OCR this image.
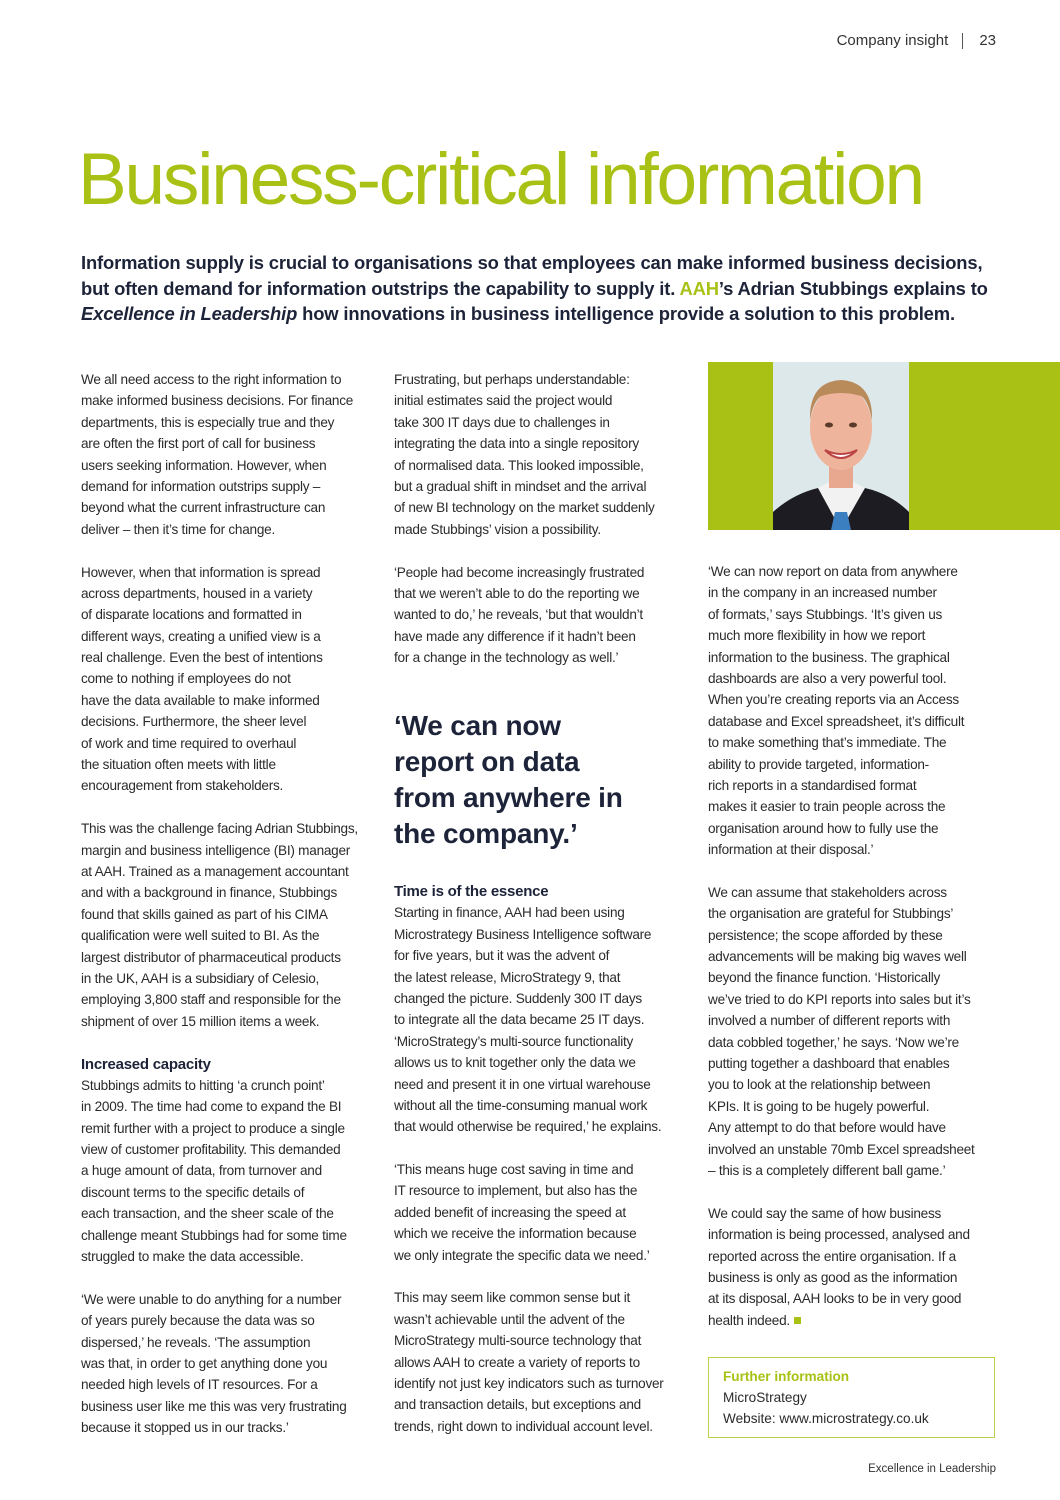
Company insight 23
Business-critical information
Information supply is crucial to organisations so that employees can make informed business decisions, but often demand for information outstrips the capability to supply it. AAH’s Adrian Stubbings explains to Excellence in Leadership how innovations in business intelligence provide a solution to this problem.
We all need access to the right information to
make informed business decisions. For finance
departments, this is especially true and they
are often the first port of call for business
users seeking information. However, when
demand for information outstrips supply –
beyond what the current infrastructure can
deliver – then it’s time for change.
However, when that information is spread
across departments, housed in a variety
of disparate locations and formatted in
different ways, creating a unified view is a
real challenge. Even the best of intentions
come to nothing if employees do not
have the data available to make informed
decisions. Furthermore, the sheer level
of work and time required to overhaul
the situation often meets with little
encouragement from stakeholders.
This was the challenge facing Adrian Stubbings,
margin and business intelligence (BI) manager
at AAH. Trained as a management accountant
and with a background in finance, Stubbings
found that skills gained as part of his CIMA
qualification were well suited to BI. As the
largest distributor of pharmaceutical products
in the UK, AAH is a subsidiary of Celesio,
employing 3,800 staff and responsible for the
shipment of over 15 million items a week.
Increased capacity
Stubbings admits to hitting ‘a crunch point’
in 2009. The time had come to expand the BI
remit further with a project to produce a single
view of customer profitability. This demanded
a huge amount of data, from turnover and
discount terms to the specific details of
each transaction, and the sheer scale of the
challenge meant Stubbings had for some time
struggled to make the data accessible.
‘We were unable to do anything for a number
of years purely because the data was so
dispersed,’ he reveals. ‘The assumption
was that, in order to get anything done you
needed high levels of IT resources. For a
business user like me this was very frustrating
because it stopped us in our tracks.’
Frustrating, but perhaps understandable:
initial estimates said the project would
take 300 IT days due to challenges in
integrating the data into a single repository
of normalised data. This looked impossible,
but a gradual shift in mindset and the arrival
of new BI technology on the market suddenly
made Stubbings’ vision a possibility.
‘People had become increasingly frustrated
that we weren’t able to do the reporting we
wanted to do,’ he reveals, ‘but that wouldn’t
have made any difference if it hadn’t been
for a change in the technology as well.’
‘We can now
report on data
from anywhere in
the company.’
Time is of the essence
Starting in finance, AAH had been using
Microstrategy Business Intelligence software
for five years, but it was the advent of
the latest release, MicroStrategy 9, that
changed the picture. Suddenly 300 IT days
to integrate all the data became 25 IT days.
‘MicroStrategy’s multi-source functionality
allows us to knit together only the data we
need and present it in one virtual warehouse
without all the time-consuming manual work
that would otherwise be required,’ he explains.
‘This means huge cost saving in time and
IT resource to implement, but also has the
added benefit of increasing the speed at
which we receive the information because
we only integrate the specific data we need.’
This may seem like common sense but it
wasn’t achievable until the advent of the
MicroStrategy multi-source technology that
allows AAH to create a variety of reports to
identify not just key indicators such as turnover
and transaction details, but exceptions and
trends, right down to individual account level.
‘We can now report on data from anywhere
in the company in an increased number
of formats,’ says Stubbings. ‘It’s given us
much more flexibility in how we report
information to the business. The graphical
dashboards are also a very powerful tool.
When you’re creating reports via an Access
database and Excel spreadsheet, it’s difficult
to make something that’s immediate. The
ability to provide targeted, information-
rich reports in a standardised format
makes it easier to train people across the
organisation around how to fully use the
information at their disposal.’
We can assume that stakeholders across
the organisation are grateful for Stubbings’
persistence; the scope afforded by these
advancements will be making big waves well
beyond the finance function. ‘Historically
we’ve tried to do KPI reports into sales but it’s
involved a number of different reports with
data cobbled together,’ he says. ‘Now we’re
putting together a dashboard that enables
you to look at the relationship between
KPIs. It is going to be hugely powerful.
Any attempt to do that before would have
involved an unstable 70mb Excel spreadsheet
– this is a completely different ball game.’
We could say the same of how business
information is being processed, analysed and
reported across the entire organisation. If a
business is only as good as the information
at its disposal, AAH looks to be in very good
health indeed.
Further information
MicroStrategy
Website: www.microstrategy.co.uk
Excellence in Leadership
